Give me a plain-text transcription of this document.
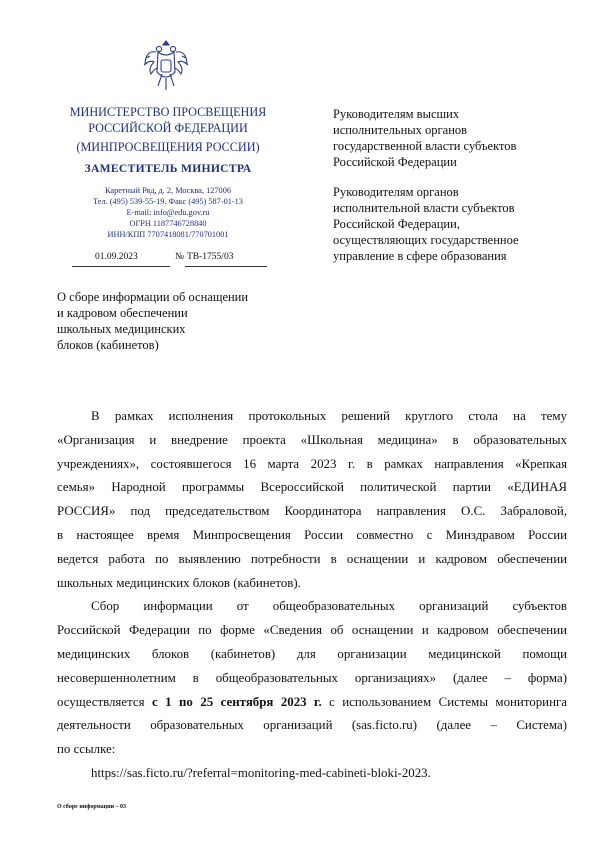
МИНИСТЕРСТВО ПРОСВЕЩЕНИЯ
РОССИЙСКОЙ ФЕДЕРАЦИИ
(МИНПРОСВЕЩЕНИЯ РОССИИ)
ЗАМЕСТИТЕЛЬ МИНИСТРА
Каретный Ряд, д. 2, Москва, 127006
Тел. (495) 539-55-19. Факс (495) 587-01-13
E-mail: info@edu.gov.ru
ОГРН 1187746728840
ИНН/КПП 7707418081/770701001
01.09.2023	№ ТВ-1755/03
Руководителям высших
исполнительных органов
государственной власти субъектов
Российской Федерации
Руководителям органов
исполнительной власти субъектов
Российской Федерации,
осуществляющих государственное
управление в сфере образования
О сборе информации об оснащении
и кадровом обеспечении
школьных медицинских
блоков (кабинетов)
В рамках исполнения протокольных решений круглого стола на тему
«Организация и внедрение проекта «Школьная медицина» в образовательных
учреждениях», состоявшегося 16 марта 2023 г. в рамках направления «Крепкая
семья» Народной программы Всероссийской политической партии «ЕДИНАЯ
РОССИЯ» под председательством Координатора направления О.С. Забраловой,
в настоящее время Минпросвещения России совместно с Минздравом России
ведется работа по выявлению потребности в оснащении и кадровом обеспечении
школьных медицинских блоков (кабинетов).
Сбор информации от общеобразовательных организаций субъектов
Российской Федерации по форме «Сведения об оснащении и кадровом обеспечении
медицинских блоков (кабинетов) для организации медицинской помощи
несовершеннолетним в общеобразовательных организациях» (далее – форма)
осуществляется с 1 по 25 сентября 2023 г. с использованием Системы мониторинга
деятельности образовательных организаций (sas.ficto.ru) (далее – Система)
по ссылке:
https://sas.ficto.ru/?referral=monitoring-med-cabineti-bloki-2023.
О сборе информации – 03
